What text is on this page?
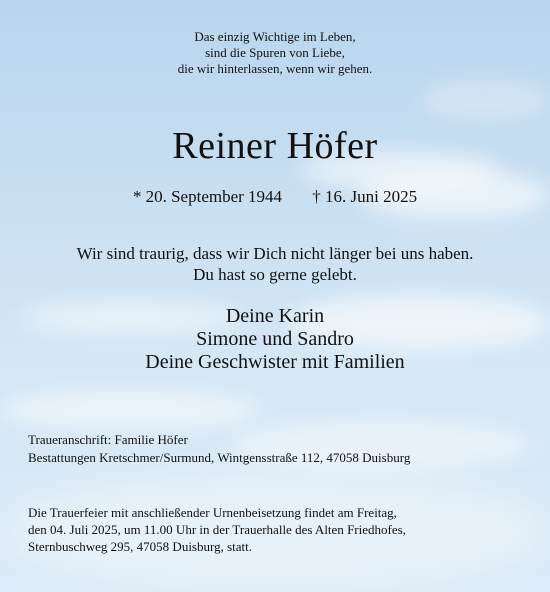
Das einzig Wichtige im Leben,
sind die Spuren von Liebe,
die wir hinterlassen, wenn wir gehen.
Reiner Höfer
* 20. September 1944 † 16. Juni 2025
Wir sind traurig, dass wir Dich nicht länger bei uns haben.
Du hast so gerne gelebt.
Deine Karin
Simone und Sandro
Deine Geschwister mit Familien
Traueranschrift: Familie Höfer
Bestattungen Kretschmer/Surmund, Wintgensstraße 112, 47058 Duisburg
Die Trauerfeier mit anschließender Urnenbeisetzung findet am Freitag,
den 04. Juli 2025, um 11.00 Uhr in der Trauerhalle des Alten Friedhofes,
Sternbuschweg 295, 47058 Duisburg, statt.
